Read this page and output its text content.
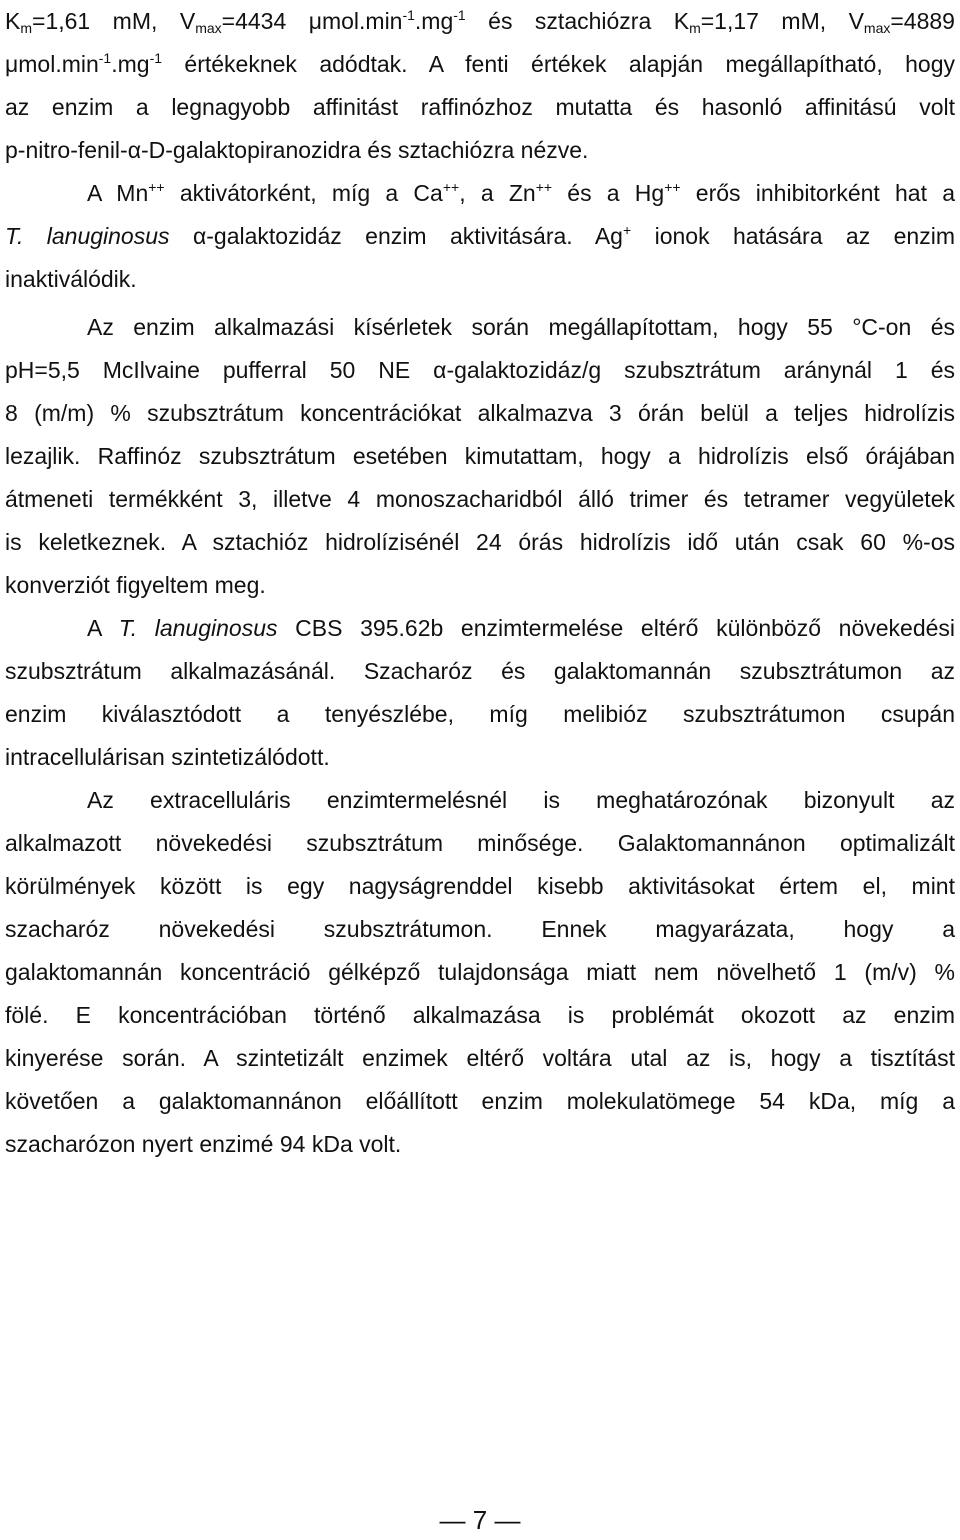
$K_m=1,61$ mM, $V_{max}=4434$ $\mu mol.\min^{-1}.mg^{-1}$ és sztachiózra $K_m=1,17$ mM, $V_{max}=4889$
$\mu mol.\min^{-1}.mg^{-1}$ értékeknek adódtak. A fenti értékek alapján megállapítható, hogy
az enzim a legnagyobb affinitást raffinózhoz mutatta és hasonló affinitású volt
p-nitro-fenil-α-D-galaktopiranozidra és sztachiózra nézve.
A Mn++ aktivátorként, míg a Ca++, a Zn++ és a Hg++ erős inhibitorként hat a
T. lanuginosus α-galaktozidáz enzim aktivitására. Ag+ ionok hatására az enzim
inaktiválódik.
Az enzim alkalmazási kísérletek során megállapítottam, hogy 55 °C-on és
pH=5,5 McIlvaine pufferral 50 NE α-galaktozidáz/g szubsztrátum aránynál 1 és
8 (m/m) % szubsztrátum koncentrációkat alkalmazva 3 órán belül a teljes hidrolízis
lezajlik. Raffinóz szubsztrátum esetében kimutattam, hogy a hidrolízis első órájában
átmeneti termékként 3, illetve 4 monoszacharidból álló trimer és tetramer vegyületek
is keletkeznek. A sztachióz hidrolízisénél 24 órás hidrolízis idő után csak 60 %-os
konverziót figyeltem meg.
A T. lanuginosus CBS 395.62b enzimtermelése eltérő különböző növekedési
szubsztrátum alkalmazásánál. Szacharóz és galaktomannán szubsztrátumon az
enzim kiválasztódott a tenyészlébe, míg melibióz szubsztrátumon csupán
intracellulárisan szintetizálódott.
Az extracelluláris enzimtermelésnél is meghatározónak bizonyult az
alkalmazott növekedési szubsztrátum minősége. Galaktomannánon optimalizált
körülmények között is egy nagyságrenddel kisebb aktivitásokat értem el, mint
szacharóz növekedési szubsztrátumon. Ennek magyarázata, hogy a
galaktomannán koncentráció gélképző tulajdonsága miatt nem növelhető 1 (m/v) %
fölé. E koncentrációban történő alkalmazása is problémát okozott az enzim
kinyerése során. A szintetizált enzimek eltérő voltára utal az is, hogy a tisztítást
követően a galaktomannánon előállított enzim molekulatömege 54 kDa, míg a
szacharózon nyert enzimé 94 kDa volt.
— 7 —
